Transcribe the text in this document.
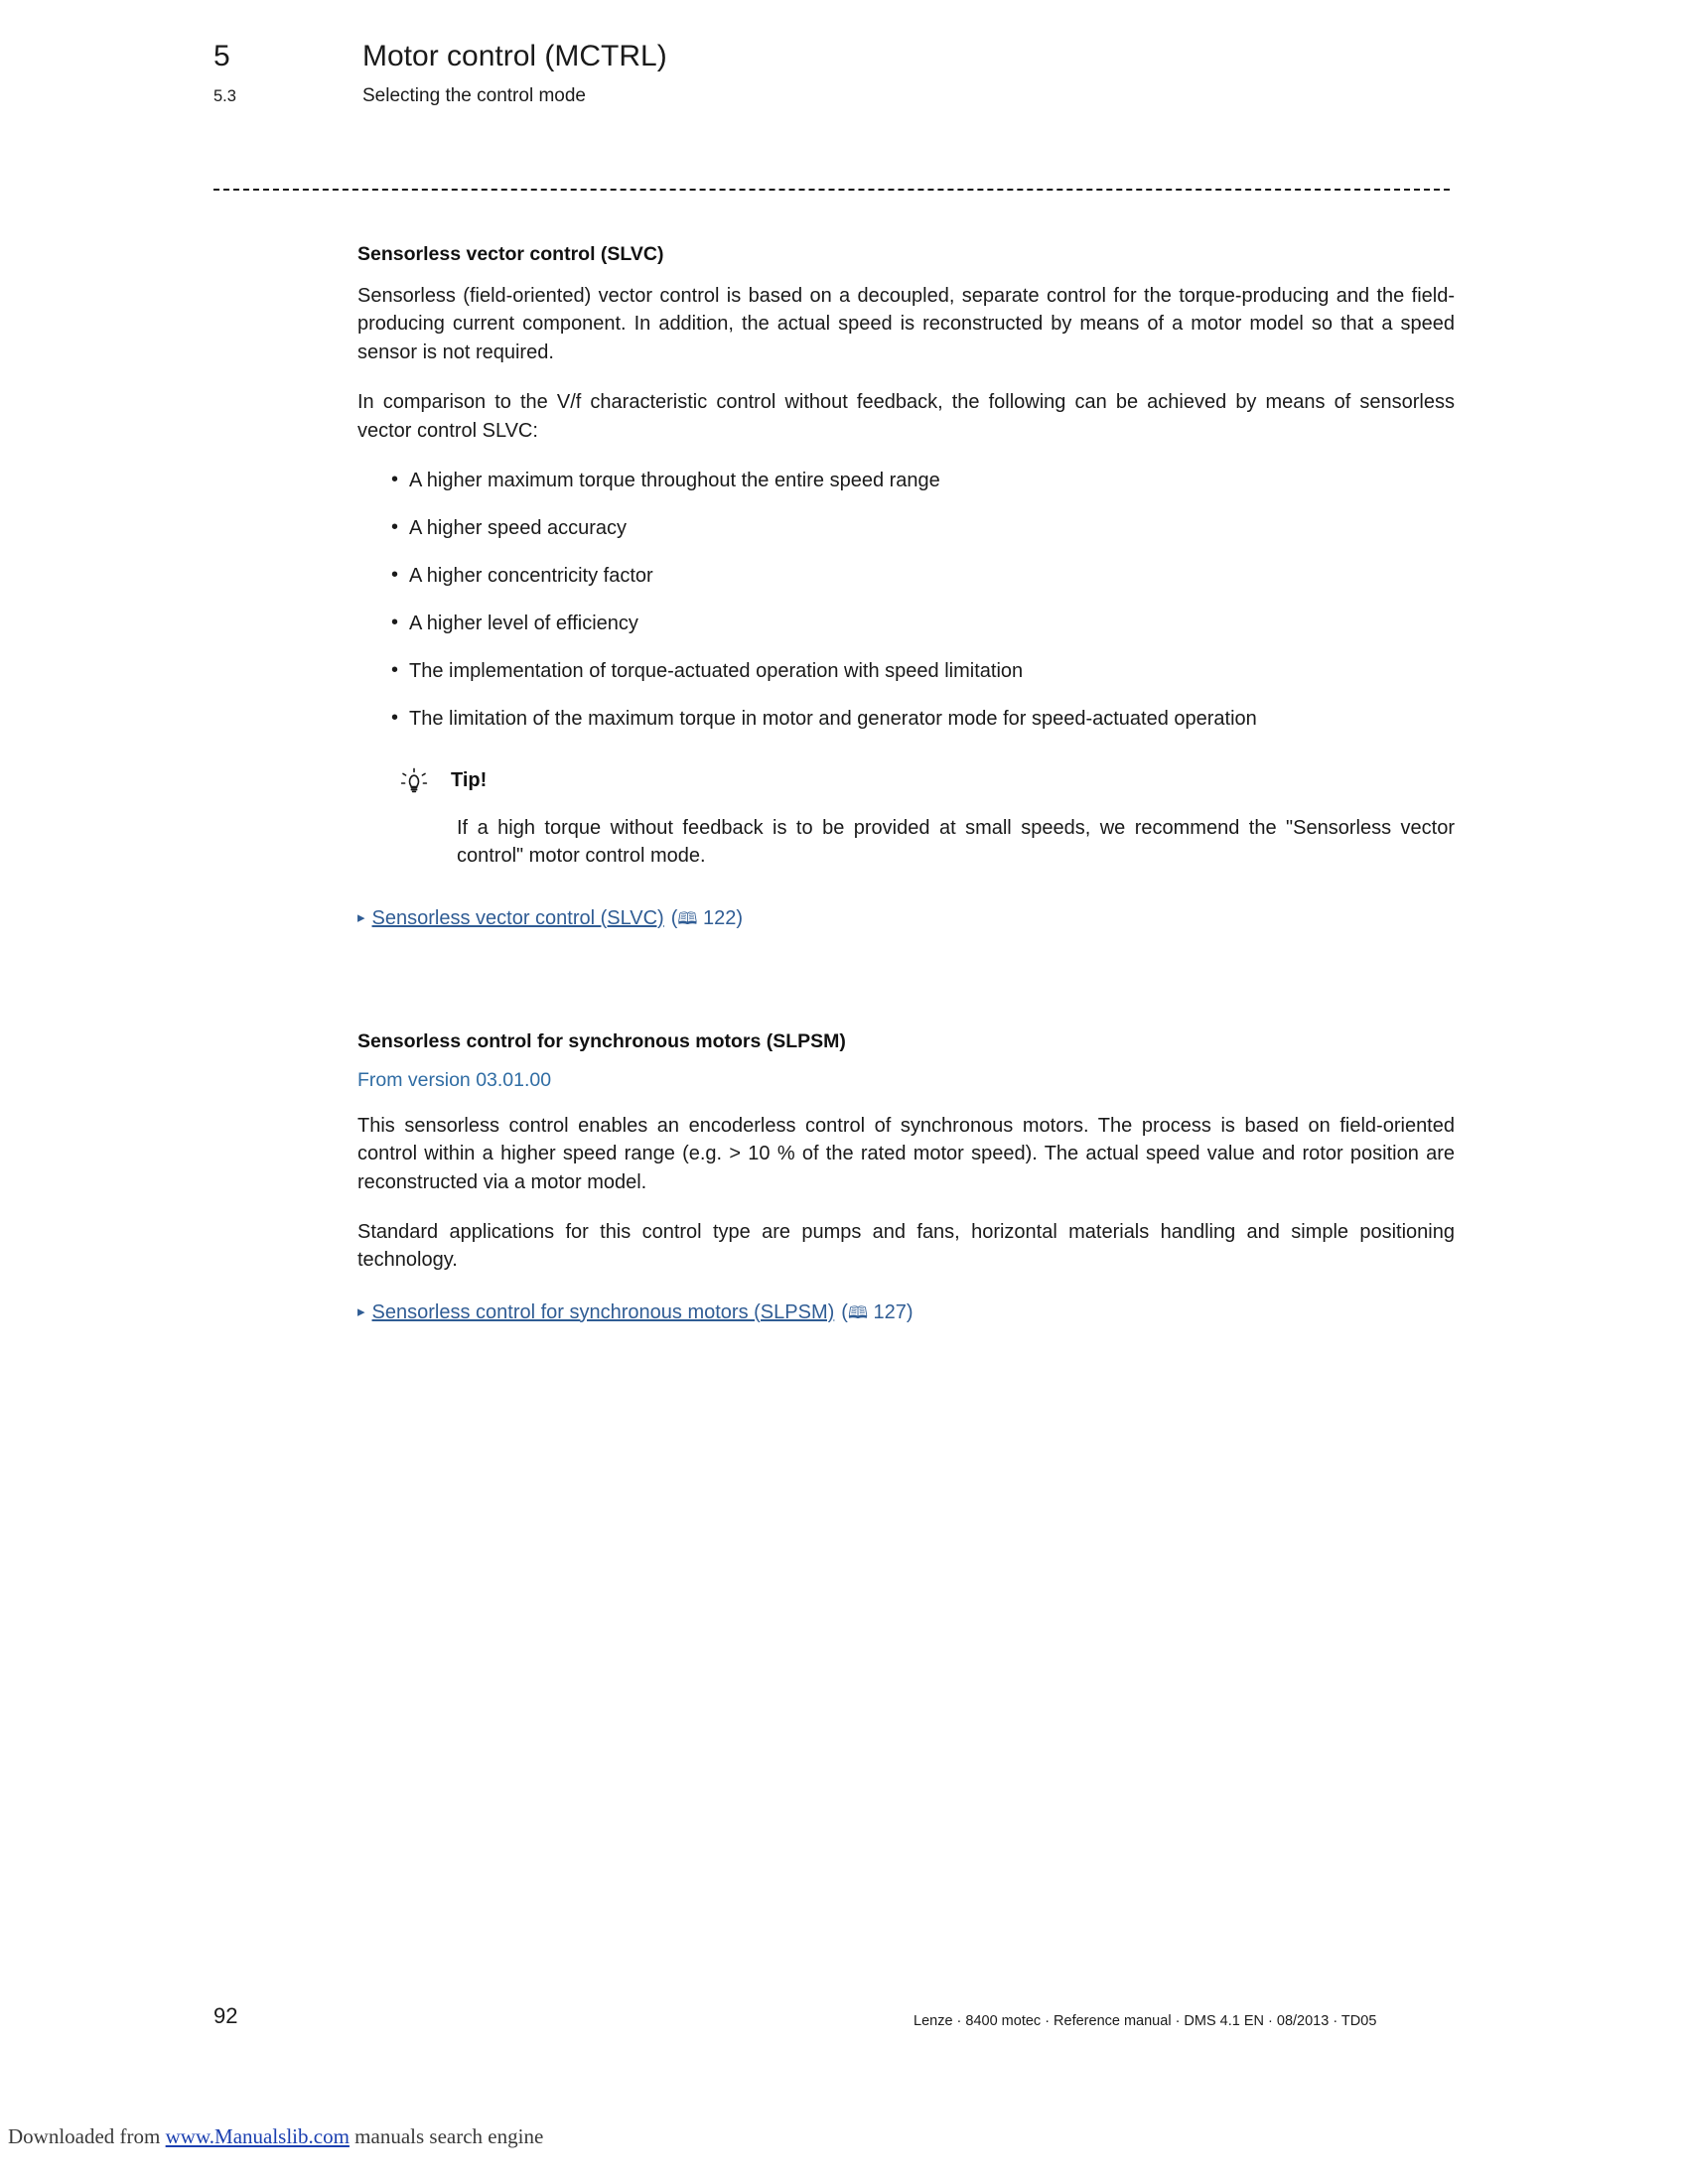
5	Motor control (MCTRL)
5.3	Selecting the control mode
Sensorless vector control (SLVC)

Sensorless (field-oriented) vector control is based on a decoupled, separate control for the torque-producing and the field-producing current component. In addition, the actual speed is reconstructed by means of a motor model so that a speed sensor is not required.

In comparison to the V/f characteristic control without feedback, the following can be achieved by means of sensorless vector control SLVC:

• A higher maximum torque throughout the entire speed range
• A higher speed accuracy
• A higher concentricity factor
• A higher level of efficiency
• The implementation of torque-actuated operation with speed limitation
• The limitation of the maximum torque in motor and generator mode for speed-actuated operation
Tip!
If a high torque without feedback is to be provided at small speeds, we recommend the "Sensorless vector control" motor control mode.
▸ Sensorless vector control (SLVC) (🕮 122)
Sensorless control for synchronous motors (SLPSM)
From version 03.01.00

This sensorless control enables an encoderless control of synchronous motors. The process is based on field-oriented control within a higher speed range (e.g. > 10 % of the rated motor speed). The actual speed value and rotor position are reconstructed via a motor model.

Standard applications for this control type are pumps and fans, horizontal materials handling and simple positioning technology.

▸ Sensorless control for synchronous motors (SLPSM) (🕮 127)
92	Lenze · 8400 motec · Reference manual · DMS 4.1 EN · 08/2013 · TD05
Downloaded from www.Manualslib.com manuals search engine
